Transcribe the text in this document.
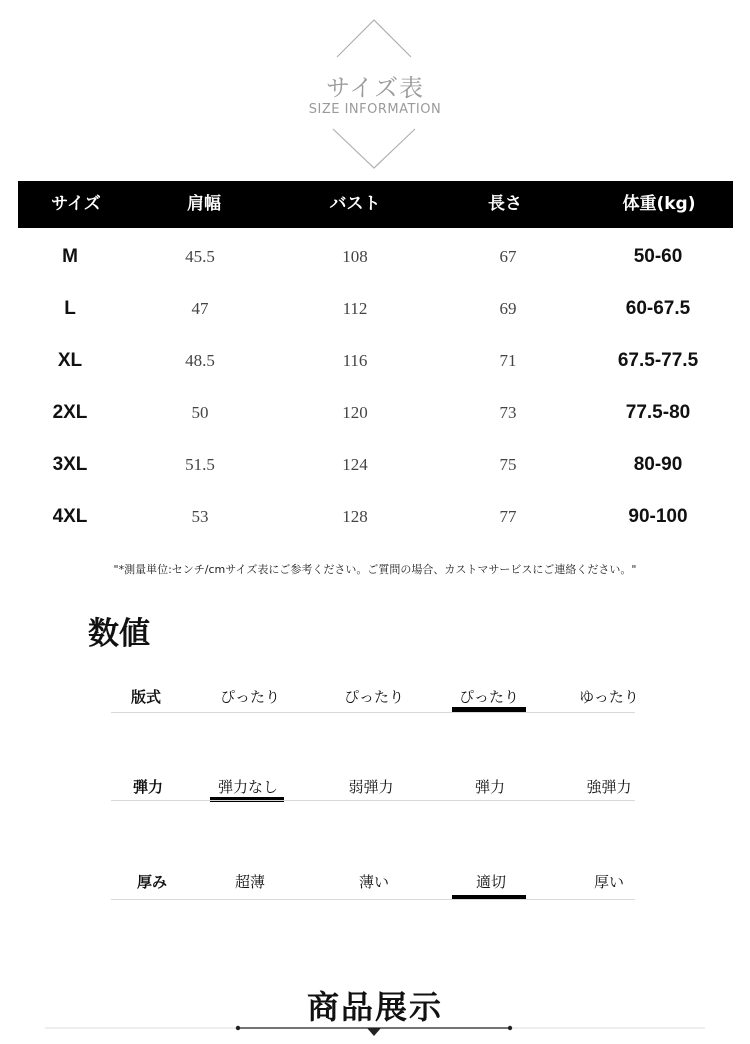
サイズ表
SIZE INFORMATION
サイズ	肩幅	バスト	長さ	体重(kg)
M	45.5	108	67	50-60
L	47	112	69	60-67.5
XL	48.5	116	71	67.5-77.5
2XL	50	120	73	77.5-80
3XL	51.5	124	75	80-90
4XL	53	128	77	90-100
"*測量単位:センチ/cmサイズ表にご参考ください。ご質問の場合、カストマサービスにご連絡ください。"
数値
版式	ぴったり	ぴったり	ぴったり	ゆったり
弾力	弾力なし	弱弾力	弾力	強弾力
厚み	超薄	薄い	適切	厚い
商品展示
